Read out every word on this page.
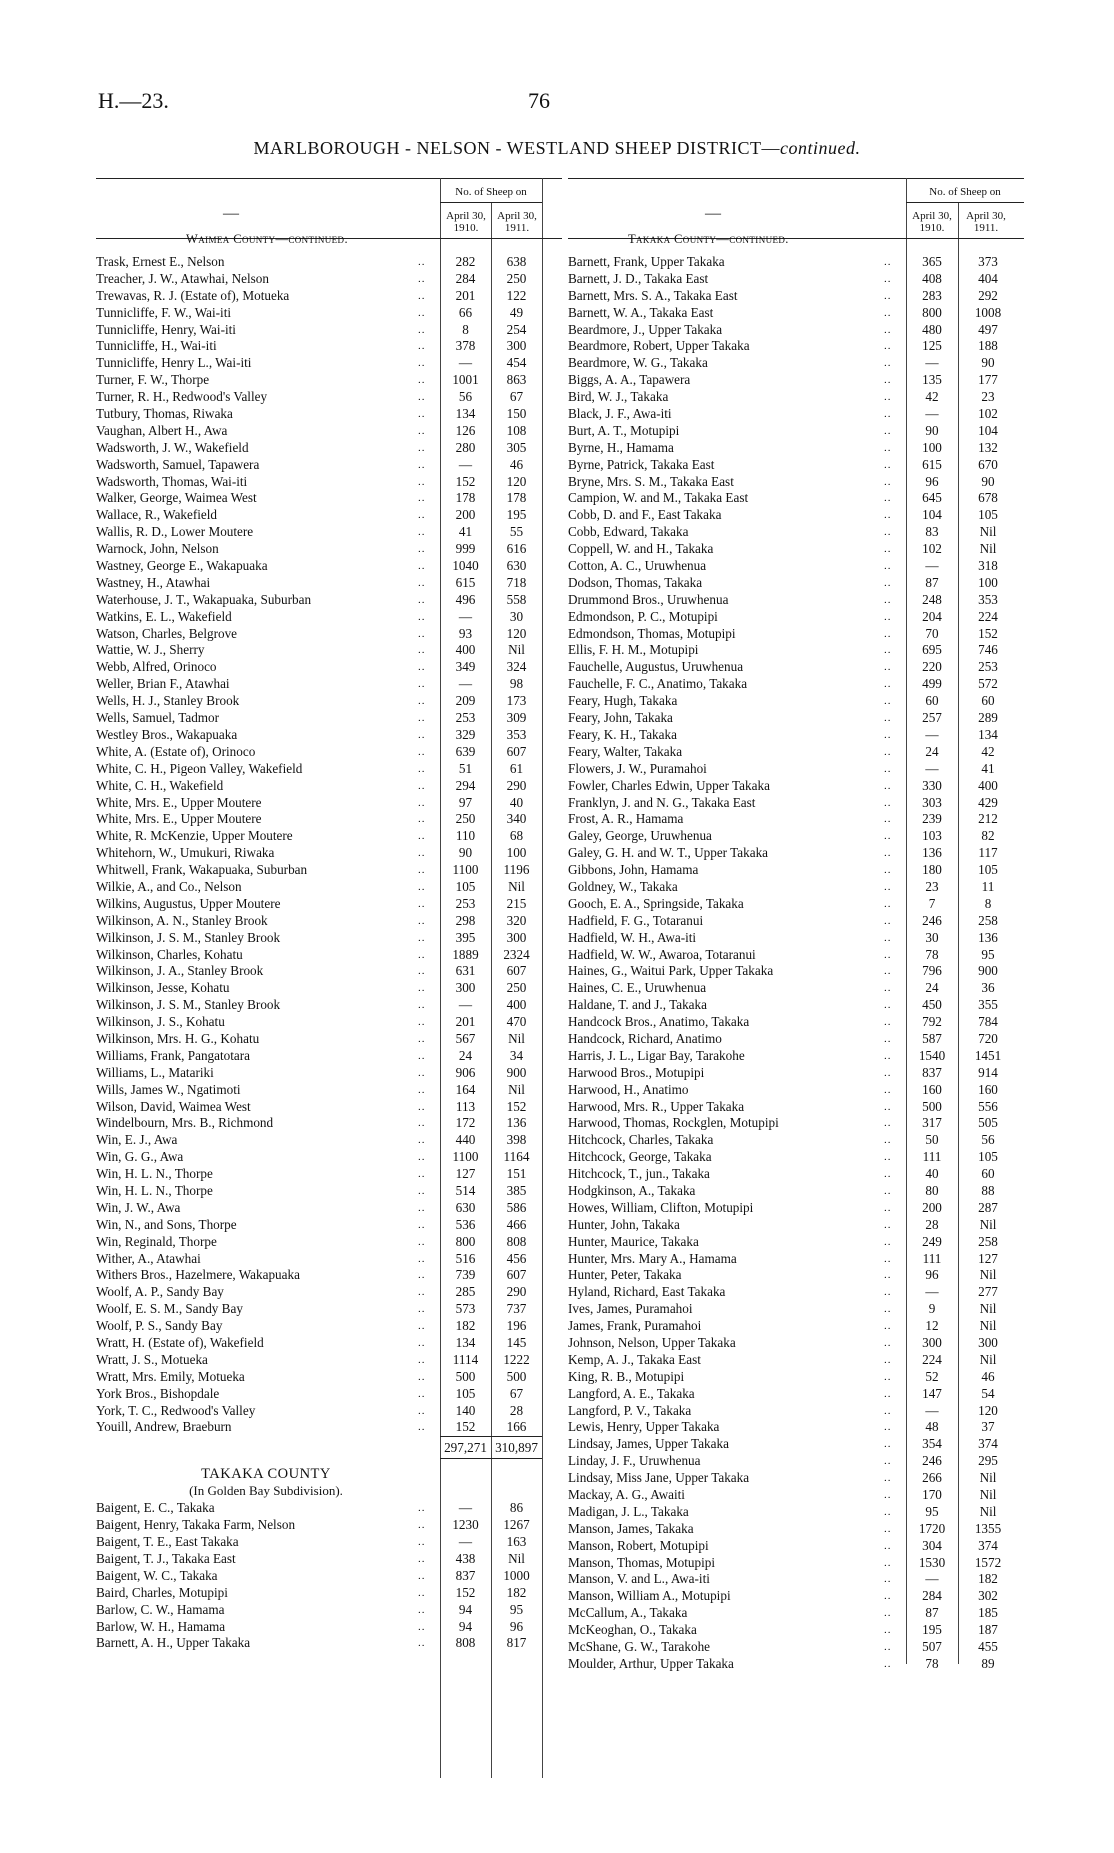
H.—23.	76
MARLBOROUGH - NELSON - WESTLAND SHEEP DISTRICT—continued.
—
No. of Sheep on
April 30, 1910.
April 30, 1911.
Waimea County—continued.
Trask, Ernest E., Nelson	..	282	638
Treacher, J. W., Atawhai, Nelson	..	284	250
Trewavas, R. J. (Estate of), Motueka	..	201	122
Tunnicliffe, F. W., Wai-iti	..	66	49
Tunnicliffe, Henry, Wai-iti	..	8	254
Tunnicliffe, H., Wai-iti	..	378	300
Tunnicliffe, Henry L., Wai-iti	..	—	454
Turner, F. W., Thorpe	..	1001	863
Turner, R. H., Redwood's Valley	..	56	67
Tutbury, Thomas, Riwaka	..	134	150
Vaughan, Albert H., Awa	..	126	108
Wadsworth, J. W., Wakefield	..	280	305
Wadsworth, Samuel, Tapawera	..	—	46
Wadsworth, Thomas, Wai-iti	..	152	120
Walker, George, Waimea West	..	178	178
Wallace, R., Wakefield	..	200	195
Wallis, R. D., Lower Moutere	..	41	55
Warnock, John, Nelson	..	999	616
Wastney, George E., Wakapuaka	..	1040	630
Wastney, H., Atawhai	..	615	718
Waterhouse, J. T., Wakapuaka, Suburban	..	496	558
Watkins, E. L., Wakefield	..	—	30
Watson, Charles, Belgrove	..	93	120
Wattie, W. J., Sherry	..	400	Nil
Webb, Alfred, Orinoco	..	349	324
Weller, Brian F., Atawhai	..	—	98
Wells, H. J., Stanley Brook	..	209	173
Wells, Samuel, Tadmor	..	253	309
Westley Bros., Wakapuaka	..	329	353
White, A. (Estate of), Orinoco	..	639	607
White, C. H., Pigeon Valley, Wakefield	..	51	61
White, C. H., Wakefield	..	294	290
White, Mrs. E., Upper Moutere	..	97	40
White, Mrs. E., Upper Moutere	..	250	340
White, R. McKenzie, Upper Moutere	..	110	68
Whitehorn, W., Umukuri, Riwaka	..	90	100
Whitwell, Frank, Wakapuaka, Suburban	..	1100	1196
Wilkie, A., and Co., Nelson	..	105	Nil
Wilkins, Augustus, Upper Moutere	..	253	215
Wilkinson, A. N., Stanley Brook	..	298	320
Wilkinson, J. S. M., Stanley Brook	..	395	300
Wilkinson, Charles, Kohatu	..	1889	2324
Wilkinson, J. A., Stanley Brook	..	631	607
Wilkinson, Jesse, Kohatu	..	300	250
Wilkinson, J. S. M., Stanley Brook	..	—	400
Wilkinson, J. S., Kohatu	..	201	470
Wilkinson, Mrs. H. G., Kohatu	..	567	Nil
Williams, Frank, Pangatotara	..	24	34
Williams, L., Matariki	..	906	900
Wills, James W., Ngatimoti	..	164	Nil
Wilson, David, Waimea West	..	113	152
Windelbourn, Mrs. B., Richmond	..	172	136
Win, E. J., Awa	..	440	398
Win, G. G., Awa	..	1100	1164
Win, H. L. N., Thorpe	..	127	151
Win, H. L. N., Thorpe	..	514	385
Win, J. W., Awa	..	630	586
Win, N., and Sons, Thorpe	..	536	466
Win, Reginald, Thorpe	..	800	808
Wither, A., Atawhai	..	516	456
Withers Bros., Hazelmere, Wakapuaka	..	739	607
Woolf, A. P., Sandy Bay	..	285	290
Woolf, E. S. M., Sandy Bay	..	573	737
Woolf, P. S., Sandy Bay	..	182	196
Wratt, H. (Estate of), Wakefield	..	134	145
Wratt, J. S., Motueka	..	1114	1222
Wratt, Mrs. Emily, Motueka	..	500	500
York Bros., Bishopdale	..	105	67
York, T. C., Redwood's Valley	..	140	28
Youill, Andrew, Braeburn	..	152	166
297,271 310,897
TAKAKA COUNTY
(In Golden Bay Subdivision).
Baigent, E. C., Takaka	..	—	86
Baigent, Henry, Takaka Farm, Nelson	..	1230	1267
Baigent, T. E., East Takaka	..	—	163
Baigent, T. J., Takaka East	..	438	Nil
Baigent, W. C., Takaka	..	837	1000
Baird, Charles, Motupipi	..	152	182
Barlow, C. W., Hamama	..	94	95
Barlow, W. H., Hamama	..	94	96
Barnett, A. H., Upper Takaka	..	808	817
—
No. of Sheep on
April 30, 1910.
April 30, 1911.
Takaka County—continued.
Barnett, Frank, Upper Takaka	..	365	373
Barnett, J. D., Takaka East	..	408	404
Barnett, Mrs. S. A., Takaka East	..	283	292
Barnett, W. A., Takaka East	..	800	1008
Beardmore, J., Upper Takaka	..	480	497
Beardmore, Robert, Upper Takaka	..	125	188
Beardmore, W. G., Takaka	..	—	90
Biggs, A. A., Tapawera	..	135	177
Bird, W. J., Takaka	..	42	23
Black, J. F., Awa-iti	..	—	102
Burt, A. T., Motupipi	..	90	104
Byrne, H., Hamama	..	100	132
Byrne, Patrick, Takaka East	..	615	670
Bryne, Mrs. S. M., Takaka East	..	96	90
Campion, W. and M., Takaka East	..	645	678
Cobb, D. and F., East Takaka	..	104	105
Cobb, Edward, Takaka	..	83	Nil
Coppell, W. and H., Takaka	..	102	Nil
Cotton, A. C., Uruwhenua	..	—	318
Dodson, Thomas, Takaka	..	87	100
Drummond Bros., Uruwhenua	..	248	353
Edmondson, P. C., Motupipi	..	204	224
Edmondson, Thomas, Motupipi	..	70	152
Ellis, F. H. M., Motupipi	..	695	746
Fauchelle, Augustus, Uruwhenua	..	220	253
Fauchelle, F. C., Anatimo, Takaka	..	499	572
Feary, Hugh, Takaka	..	60	60
Feary, John, Takaka	..	257	289
Feary, K. H., Takaka	..	—	134
Feary, Walter, Takaka	..	24	42
Flowers, J. W., Puramahoi	..	—	41
Fowler, Charles Edwin, Upper Takaka	..	330	400
Franklyn, J. and N. G., Takaka East	..	303	429
Frost, A. R., Hamama	..	239	212
Galey, George, Uruwhenua	..	103	82
Galey, G. H. and W. T., Upper Takaka	..	136	117
Gibbons, John, Hamama	..	180	105
Goldney, W., Takaka	..	23	11
Gooch, E. A., Springside, Takaka	..	7	8
Hadfield, F. G., Totaranui	..	246	258
Hadfield, W. H., Awa-iti	..	30	136
Hadfield, W. W., Awaroa, Totaranui	..	78	95
Haines, G., Waitui Park, Upper Takaka	..	796	900
Haines, C. E., Uruwhenua	..	24	36
Haldane, T. and J., Takaka	..	450	355
Handcock Bros., Anatimo, Takaka	..	792	784
Handcock, Richard, Anatimo	..	587	720
Harris, J. L., Ligar Bay, Tarakohe	..	1540	1451
Harwood Bros., Motupipi	..	837	914
Harwood, H., Anatimo	..	160	160
Harwood, Mrs. R., Upper Takaka	..	500	556
Harwood, Thomas, Rockglen, Motupipi	..	317	505
Hitchcock, Charles, Takaka	..	50	56
Hitchcock, George, Takaka	..	111	105
Hitchcock, T., jun., Takaka	..	40	60
Hodgkinson, A., Takaka	..	80	88
Howes, William, Clifton, Motupipi	..	200	287
Hunter, John, Takaka	..	28	Nil
Hunter, Maurice, Takaka	..	249	258
Hunter, Mrs. Mary A., Hamama	..	111	127
Hunter, Peter, Takaka	..	96	Nil
Hyland, Richard, East Takaka	..	—	277
Ives, James, Puramahoi	..	9	Nil
James, Frank, Puramahoi	..	12	Nil
Johnson, Nelson, Upper Takaka	..	300	300
Kemp, A. J., Takaka East	..	224	Nil
King, R. B., Motupipi	..	52	46
Langford, A. E., Takaka	..	147	54
Langford, P. V., Takaka	..	—	120
Lewis, Henry, Upper Takaka	..	48	37
Lindsay, James, Upper Takaka	..	354	374
Linday, J. F., Uruwhenua	..	246	295
Lindsay, Miss Jane, Upper Takaka	..	266	Nil
Mackay, A. G., Awaiti	..	170	Nil
Madigan, J. L., Takaka	..	95	Nil
Manson, James, Takaka	..	1720	1355
Manson, Robert, Motupipi	..	304	374
Manson, Thomas, Motupipi	..	1530	1572
Manson, V. and L., Awa-iti	..	—	182
Manson, William A., Motupipi	..	284	302
McCallum, A., Takaka	..	87	185
McKeoghan, O., Takaka	..	195	187
McShane, G. W., Tarakohe	..	507	455
Moulder, Arthur, Upper Takaka	..	78	89
